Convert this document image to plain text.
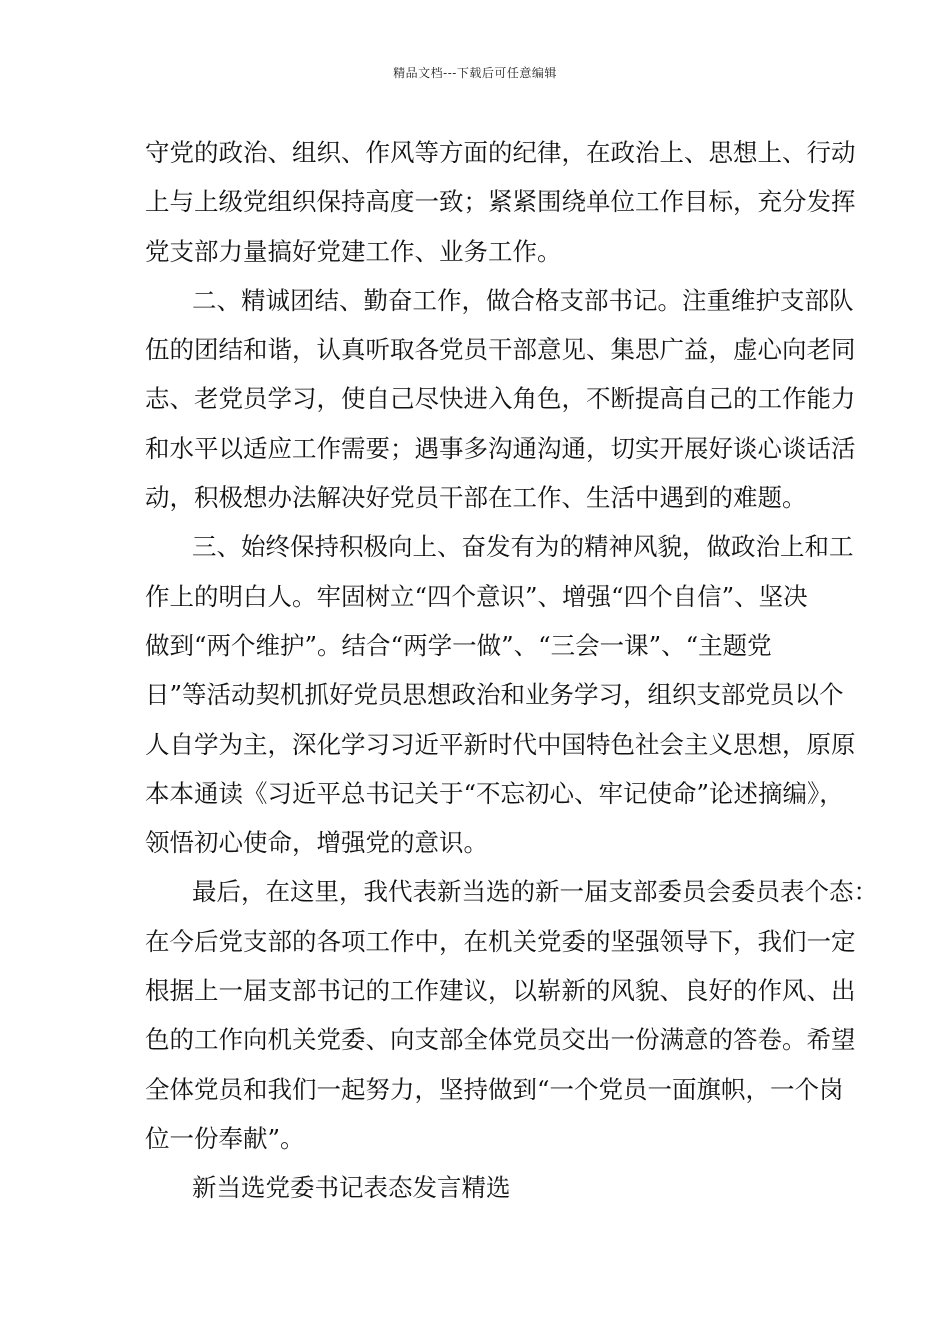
精品文档---下载后可任意编辑
守党的政治、组织、作风等方面的纪律，在政治上、思想上、行动
上与上级党组织保持高度一致；紧紧围绕单位工作目标，充分发挥
党支部力量搞好党建工作、业务工作。
二、精诚团结、勤奋工作，做合格支部书记。注重维护支部队
伍的团结和谐，认真听取各党员干部意见、集思广益，虚心向老同
志、老党员学习，使自己尽快进入角色，不断提高自己的工作能力
和水平以适应工作需要；遇事多沟通沟通，切实开展好谈心谈话活
动，积极想办法解决好党员干部在工作、生活中遇到的难题。
三、始终保持积极向上、奋发有为的精神风貌，做政治上和工
作上的明白人。牢固树立“四个意识”、增强“四个自信”、坚决
做到“两个维护”。结合“两学一做”、“三会一课”、“主题党
日”等活动契机抓好党员思想政治和业务学习，组织支部党员以个
人自学为主，深化学习习近平新时代中国特色社会主义思想，原原
本本通读《习近平总书记关于“不忘初心、牢记使命”论述摘编》，
领悟初心使命，增强党的意识。
最后，在这里，我代表新当选的新一届支部委员会委员表个态：
在今后党支部的各项工作中，在机关党委的坚强领导下，我们一定
根据上一届支部书记的工作建议，以崭新的风貌、良好的作风、出
色的工作向机关党委、向支部全体党员交出一份满意的答卷。希望
全体党员和我们一起努力，坚持做到“一个党员一面旗帜，一个岗
位一份奉献”。
新当选党委书记表态发言精选
